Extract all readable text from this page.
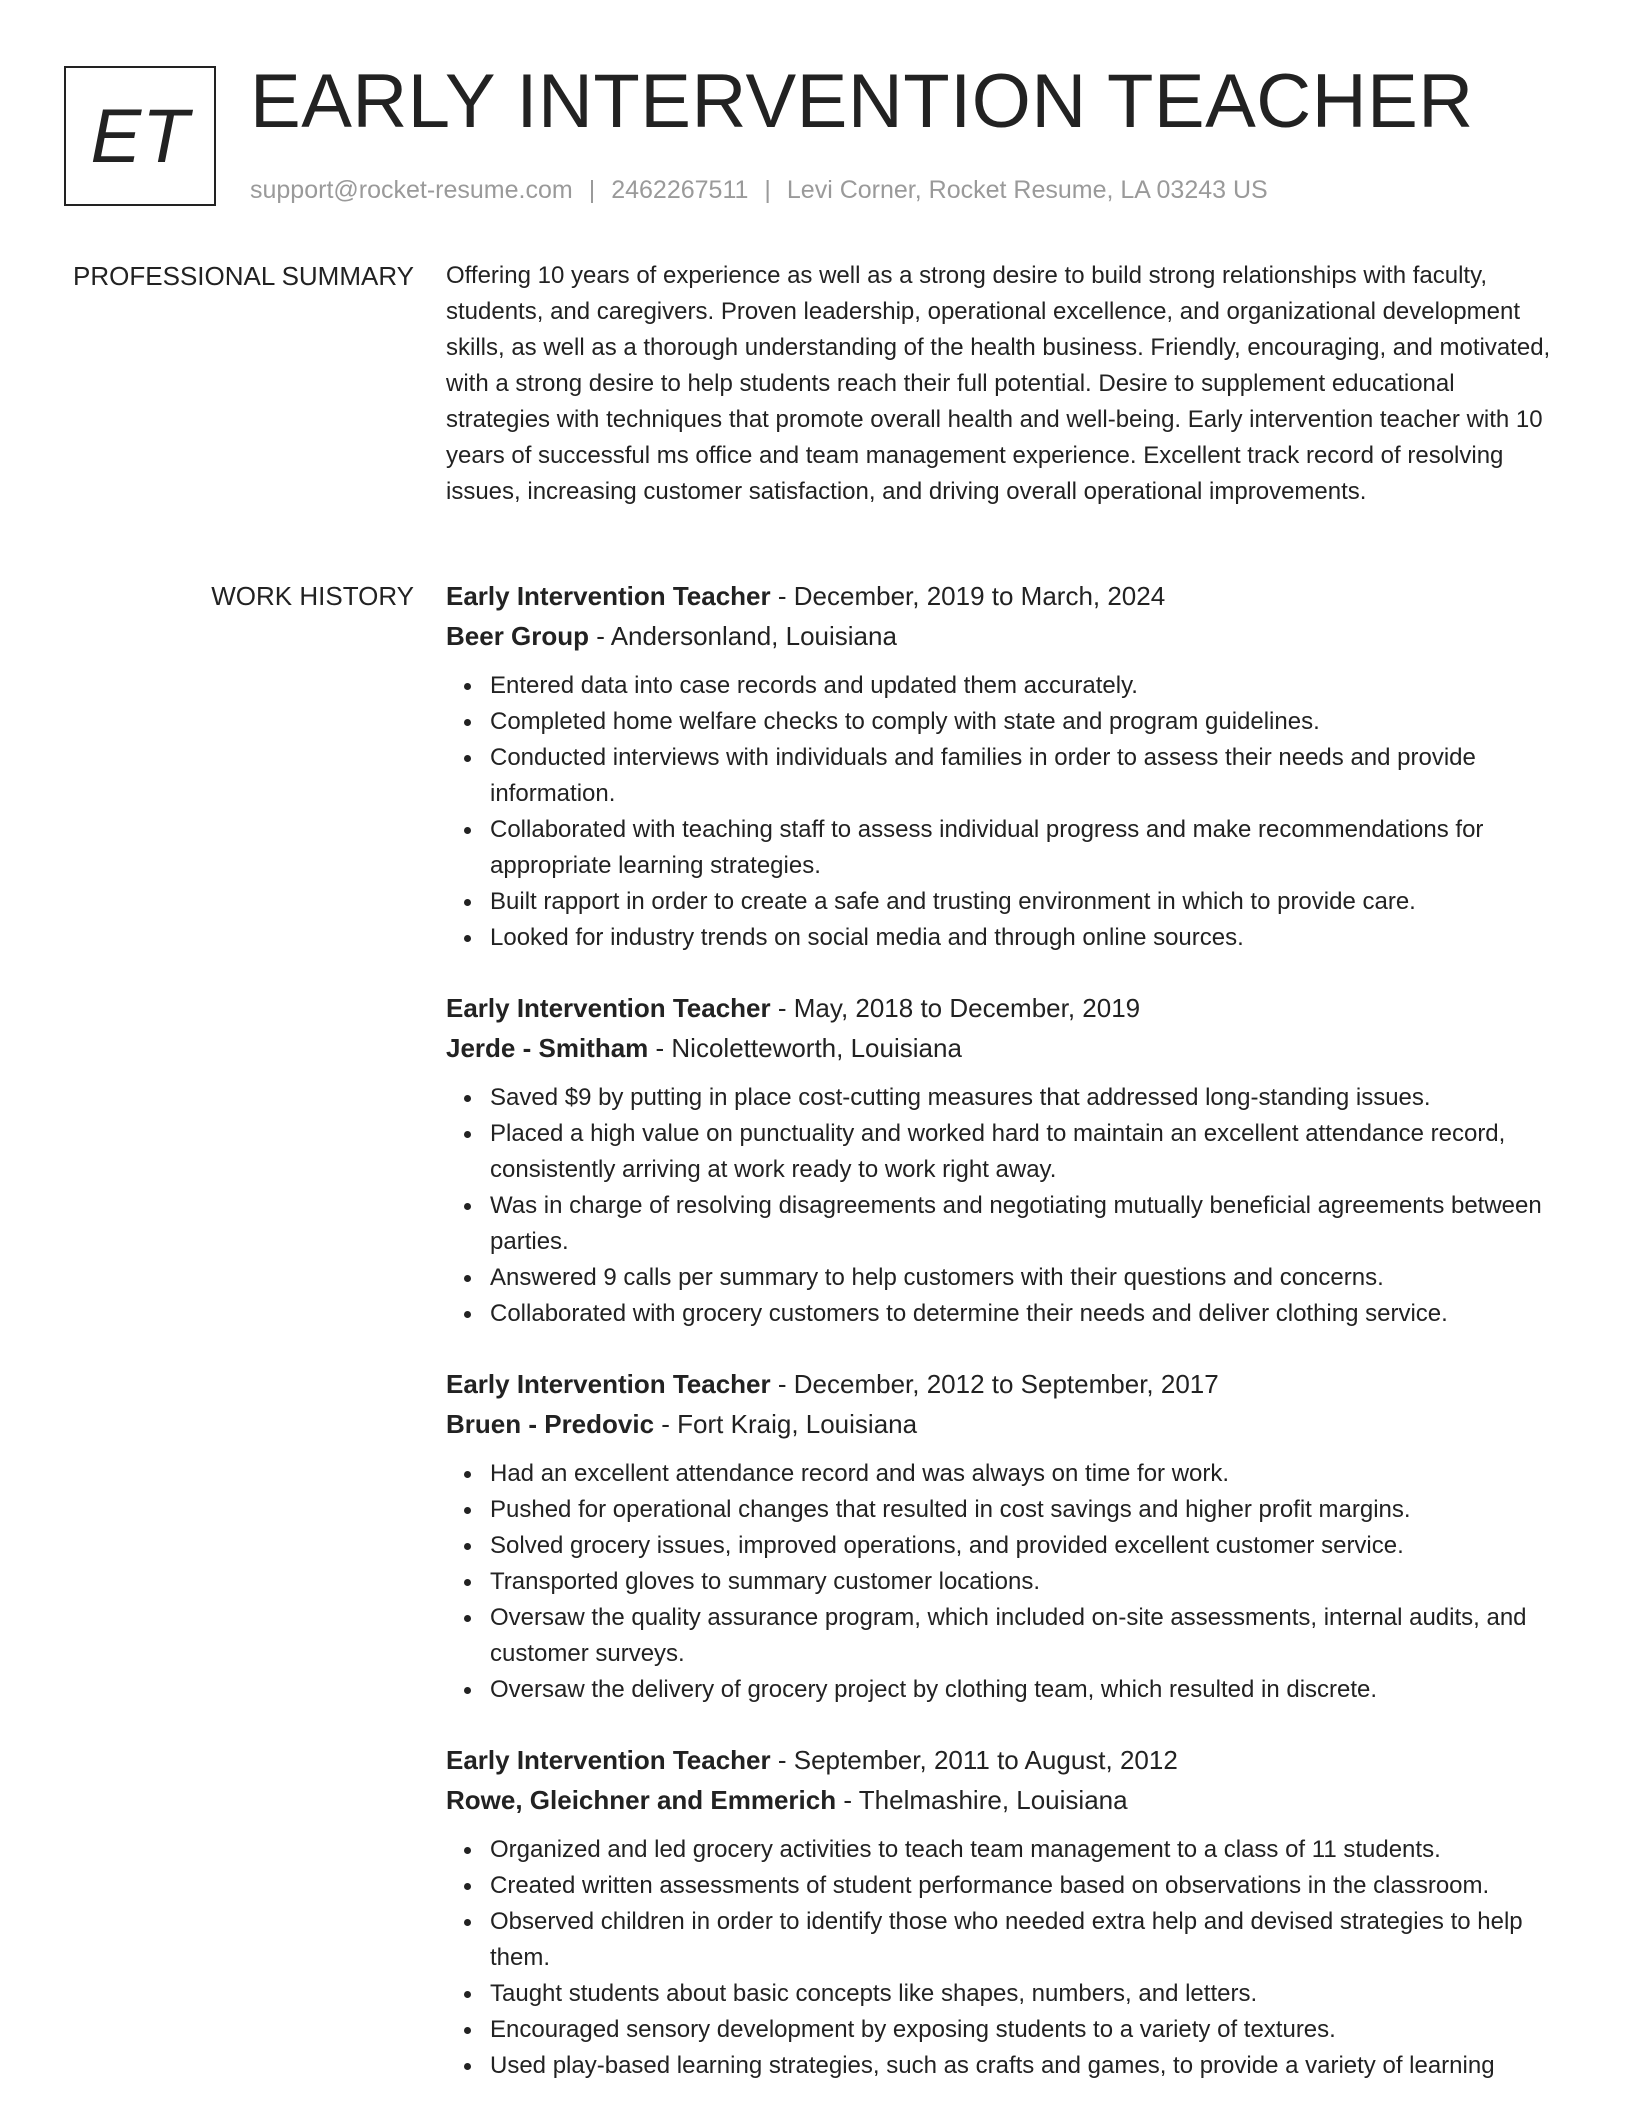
ET EARLY INTERVENTION TEACHER
support@rocket-resume.com | 2462267511 | Levi Corner, Rocket Resume, LA 03243 US
PROFESSIONAL SUMMARY Offering 10 years of experience as well as a strong desire to build strong relationships with faculty, students, and caregivers. Proven leadership, operational excellence, and organizational development skills, as well as a thorough understanding of the health business. Friendly, encouraging, and motivated, with a strong desire to help students reach their full potential. Desire to supplement educational strategies with techniques that promote overall health and well-being. Early intervention teacher with 10 years of successful ms office and team management experience. Excellent track record of resolving issues, increasing customer satisfaction, and driving overall operational improvements.

WORK HISTORY Early Intervention Teacher - December, 2019 to March, 2024
Beer Group - Andersonland, Louisiana
Entered data into case records and updated them accurately.
Completed home welfare checks to comply with state and program guidelines.
Conducted interviews with individuals and families in order to assess their needs and provide information.
Collaborated with teaching staff to assess individual progress and make recommendations for appropriate learning strategies.
Built rapport in order to create a safe and trusting environment in which to provide care.
Looked for industry trends on social media and through online sources.
Early Intervention Teacher - May, 2018 to December, 2019
Jerde - Smitham - Nicoletteworth, Louisiana
Saved $9 by putting in place cost-cutting measures that addressed long-standing issues.
Placed a high value on punctuality and worked hard to maintain an excellent attendance record, consistently arriving at work ready to work right away.
Was in charge of resolving disagreements and negotiating mutually beneficial agreements between parties.
Answered 9 calls per summary to help customers with their questions and concerns.
Collaborated with grocery customers to determine their needs and deliver clothing service.
Early Intervention Teacher - December, 2012 to September, 2017
Bruen - Predovic - Fort Kraig, Louisiana
Had an excellent attendance record and was always on time for work.
Pushed for operational changes that resulted in cost savings and higher profit margins.
Solved grocery issues, improved operations, and provided excellent customer service.
Transported gloves to summary customer locations.
Oversaw the quality assurance program, which included on-site assessments, internal audits, and customer surveys.
Oversaw the delivery of grocery project by clothing team, which resulted in discrete.
Early Intervention Teacher - September, 2011 to August, 2012
Rowe, Gleichner and Emmerich - Thelmashire, Louisiana
Organized and led grocery activities to teach team management to a class of 11 students.
Created written assessments of student performance based on observations in the classroom.
Observed children in order to identify those who needed extra help and devised strategies to help them.
Taught students about basic concepts like shapes, numbers, and letters.
Encouraged sensory development by exposing students to a variety of textures.
Used play-based learning strategies, such as crafts and games, to provide a variety of learning
